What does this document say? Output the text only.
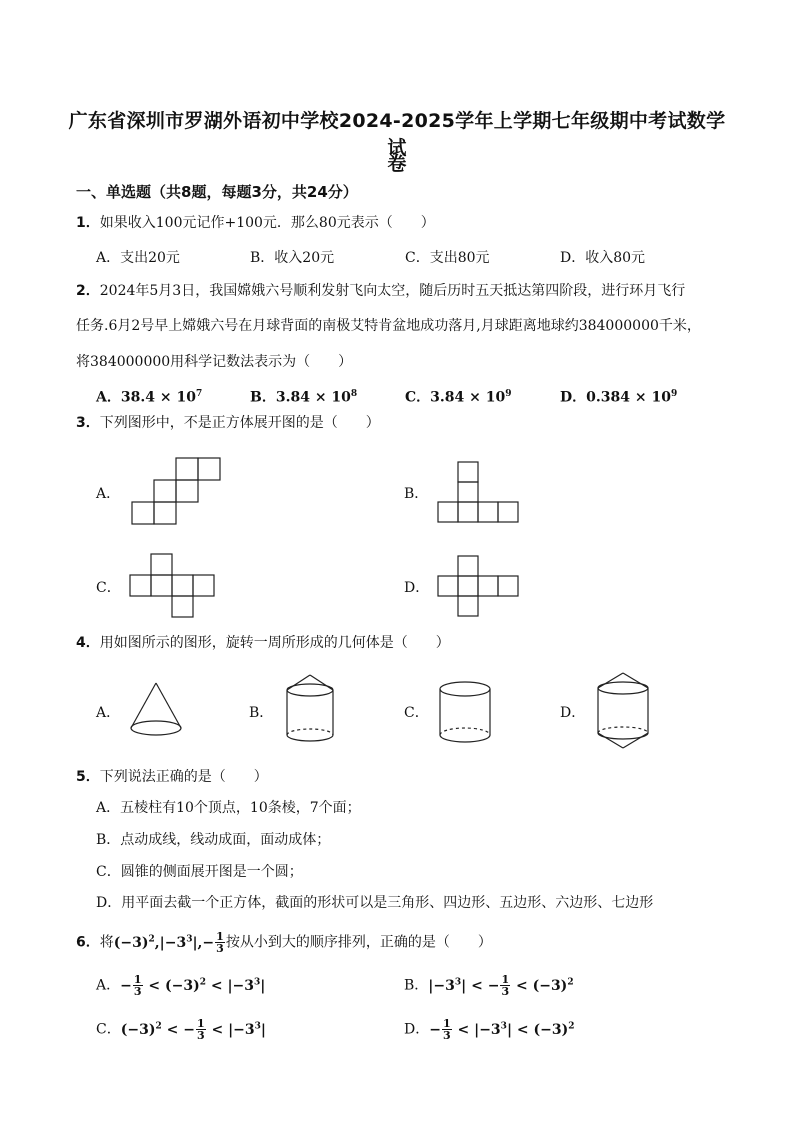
广东省深圳市罗湖外语初中学校2024-2025学年上学期七年级期中考试数学试
卷
一、单选题（共8题，每题3分，共24分）
1．如果收入100元记作+100元．那么80元表示（　　）
A．支出20元	B．收入20元	C．支出80元	D．收入80元
2．2024年5月3日，我国嫦娥六号顺利发射飞向太空，随后历时五天抵达第四阶段，进行环月飞行
任务.6月2号早上嫦娥六号在月球背面的南极艾特肯盆地成功落月,月球距离地球约384000000千米，
将384000000用科学记数法表示为（　　）
A．$38.4 \times 10^7$	B．$3.84 \times 10^8$	C．$3.84 \times 10^9$	D．$0.384 \times 10^9$
3．下列图形中，不是正方体展开图的是（　　）
A．	B．
C．	D．
4．用如图所示的图形，旋转一周所形成的几何体是（　　）
A．	B．	C．	D．
5．下列说法正确的是（　　）
A．五棱柱有10个顶点，10条棱，7个面；
B．点动成线，线动成面，面动成体；
C．圆锥的侧面展开图是一个圆；
D．用平面去截一个正方体，截面的形状可以是三角形、四边形、五边形、六边形、七边形
6．将$(-3)^2,|-3^3|,- \frac{1}{3}$ 按从小到大的顺序排列，正确的是（　　）
A．− $\frac{1}{3} < (-3)^2 < |-3^3|$	B．$|-3^3|$ < − $\frac{1}{3} < (-3)^2$
C．$(-3)^2$ < − $\frac{1}{3} < |-3^3|$	D．− $\frac{1}{3} < |-3^3| < (-3)^2$
